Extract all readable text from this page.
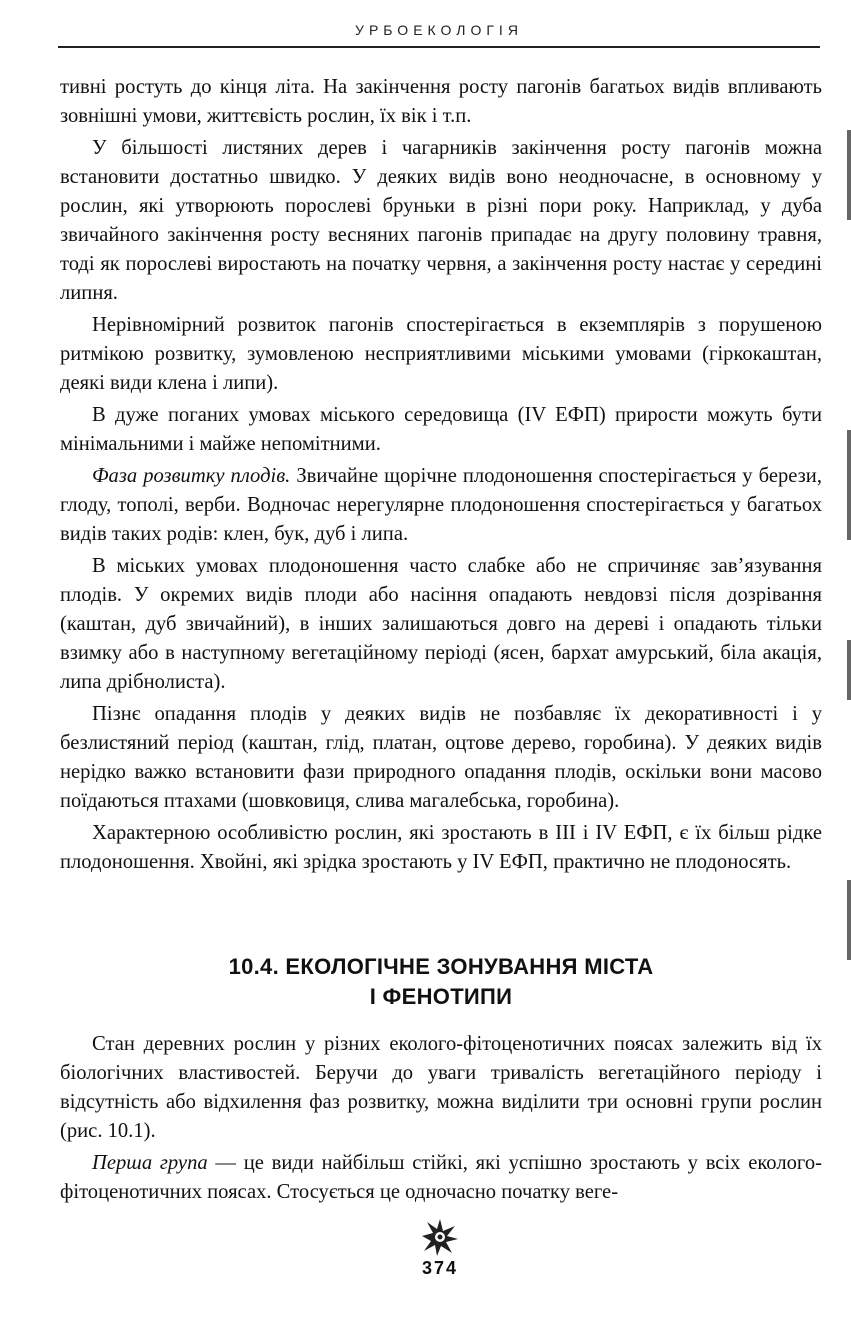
УРБОЕКОЛОГІЯ

тивні ростуть до кінця літа. На закінчення росту пагонів багатьох видів впливають зовнішні умови, життєвість рослин, їх вік і т.п.

У більшості листяних дерев і чагарників закінчення росту пагонів можна встановити достатньо швидко. У деяких видів воно неодночасне, в основному у рослин, які утворюють порослеві бруньки в різні пори року. Наприклад, у дуба звичайного закінчення росту весняних пагонів припадає на другу половину травня, тоді як порослеві виростають на початку червня, а закінчення росту настає у середині липня.

Нерівномірний розвиток пагонів спостерігається в екземплярів з порушеною ритмікою розвитку, зумовленою несприятливими міськими умовами (гіркокаштан, деякі види клена і липи).

В дуже поганих умовах міського середовища (IV ЕФП) прирости можуть бути мінімальними і майже непомітними.

Фаза розвитку плодів. Звичайне щорічне плодоношення спостерігається у берези, глоду, тополі, верби. Водночас нерегулярне плодоношення спостерігається у багатьох видів таких родів: клен, бук, дуб і липа.

В міських умовах плодоношення часто слабке або не спричиняє зав’язування плодів. У окремих видів плоди або насіння опадають невдовзі після дозрівання (каштан, дуб звичайний), в інших залишаються довго на дереві і опадають тільки взимку або в наступному вегетаційному періоді (ясен, бархат амурський, біла акація, липа дрібнолиста).

Пізнє опадання плодів у деяких видів не позбавляє їх декоративності і у безлистяний період (каштан, глід, платан, оцтове дерево, горобина). У деяких видів нерідко важко встановити фази природного опадання плодів, оскільки вони масово поїдаються птахами (шовковиця, слива магалебська, горобина).

Характерною особливістю рослин, які зростають в III і IV ЕФП, є їх більш рідке плодоношення. Хвойні, які зрідка зростають у IV ЕФП, практично не плодоносять.

10.4. ЕКОЛОГІЧНЕ ЗОНУВАННЯ МІСТА
І ФЕНОТИПИ

Стан деревних рослин у різних еколого-фітоценотичних поясах залежить від їх біологічних властивостей. Беручи до уваги тривалість вегетаційного періоду і відсутність або відхилення фаз розвитку, можна виділити три основні групи рослин (рис. 10.1).

Перша група — це види найбільш стійкі, які успішно зростають у всіх еколого-фітоценотичних поясах. Стосується це одночасно початку веге-

374
